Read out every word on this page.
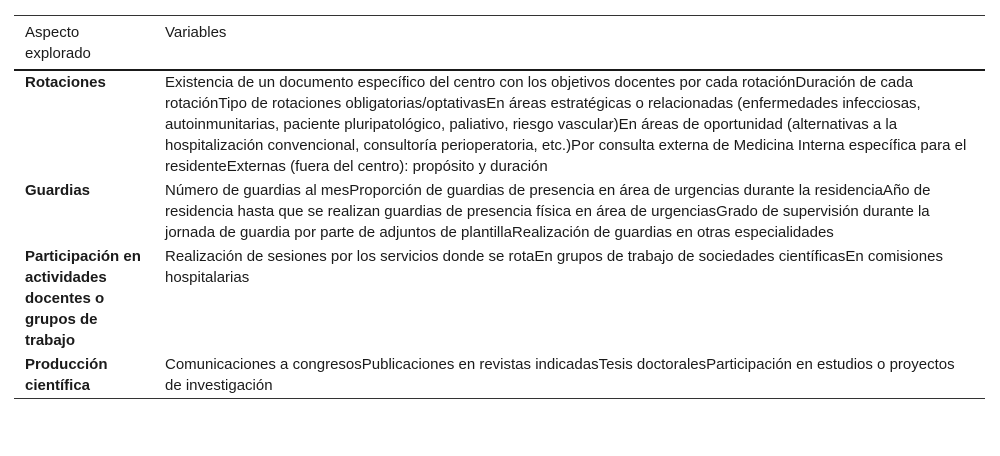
Aspecto explorado	Variables
Rotaciones	Existencia de un documento específico del centro con los objetivos docentes por cada rotaciónDuración de cada rotaciónTipo de rotaciones obligatorias/optativasEn áreas estratégicas o relacionadas (enfermedades infecciosas, autoinmunitarias, paciente pluripatológico, paliativo, riesgo vascular)En áreas de oportunidad (alternativas a la hospitalización convencional, consultoría perioperatoria, etc.)Por consulta externa de Medicina Interna específica para el residenteExternas (fuera del centro): propósito y duración
Guardias	Número de guardias al mesProporción de guardias de presencia en área de urgencias durante la residenciaAño de residencia hasta que se realizan guardias de presencia física en área de urgenciasGrado de supervisión durante la jornada de guardia por parte de adjuntos de plantillaRealización de guardias en otras especialidades
Participación en actividades docentes o grupos de trabajo	Realización de sesiones por los servicios donde se rotaEn grupos de trabajo de sociedades científicasEn comisiones hospitalarias
Producción científica	Comunicaciones a congresosPublicaciones en revistas indicadasTesis doctoralesParticipación en estudios o proyectos de investigación
